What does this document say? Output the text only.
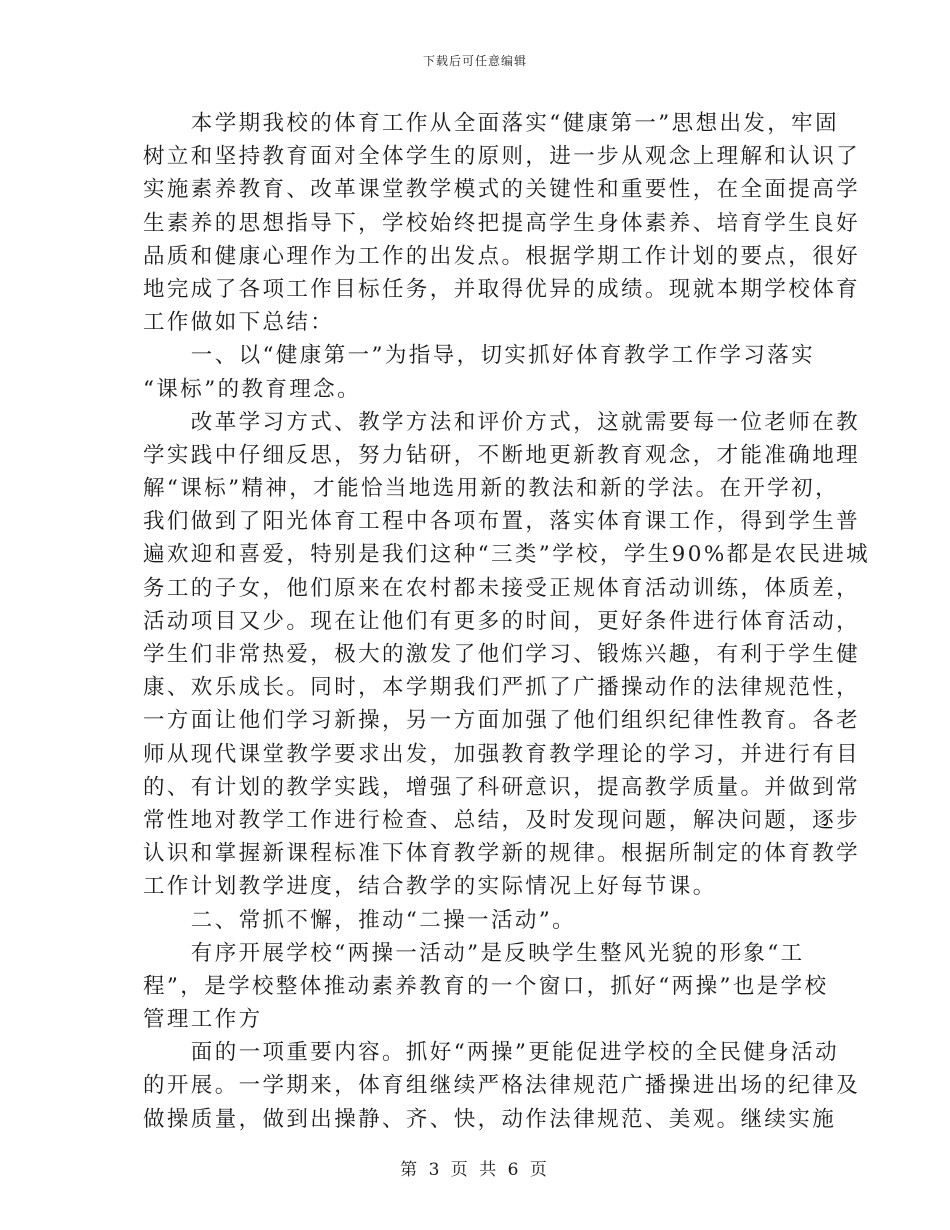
下载后可任意编辑
　　本学期我校的体育工作从全面落实“健康第一”思想出发，牢固
树立和坚持教育面对全体学生的原则，进一步从观念上理解和认识了
实施素养教育、改革课堂教学模式的关键性和重要性，在全面提高学
生素养的思想指导下，学校始终把提高学生身体素养、培育学生良好
品质和健康心理作为工作的出发点。根据学期工作计划的要点，很好
地完成了各项工作目标任务，并取得优异的成绩。现就本期学校体育
工作做如下总结：
　　一、以“健康第一”为指导，切实抓好体育教学工作学习落实
“课标”的教育理念。
　　改革学习方式、教学方法和评价方式，这就需要每一位老师在教
学实践中仔细反思，努力钻研，不断地更新教育观念，才能准确地理
解“课标”精神，才能恰当地选用新的教法和新的学法。在开学初，
我们做到了阳光体育工程中各项布置，落实体育课工作，得到学生普
遍欢迎和喜爱，特别是我们这种“三类”学校，学生90%都是农民进城
务工的子女，他们原来在农村都未接受正规体育活动训练，体质差，
活动项目又少。现在让他们有更多的时间，更好条件进行体育活动，
学生们非常热爱，极大的激发了他们学习、锻炼兴趣，有利于学生健
康、欢乐成长。同时，本学期我们严抓了广播操动作的法律规范性，
一方面让他们学习新操，另一方面加强了他们组织纪律性教育。各老
师从现代课堂教学要求出发，加强教育教学理论的学习，并进行有目
的、有计划的教学实践，增强了科研意识，提高教学质量。并做到常
常性地对教学工作进行检查、总结，及时发现问题，解决问题，逐步
认识和掌握新课程标准下体育教学新的规律。根据所制定的体育教学
工作计划教学进度，结合教学的实际情况上好每节课。
　　二、常抓不懈，推动“二操一活动”。
　　有序开展学校“两操一活动”是反映学生整风光貌的形象“工
程”，是学校整体推动素养教育的一个窗口，抓好“两操”也是学校
管理工作方
　　面的一项重要内容。抓好“两操”更能促进学校的全民健身活动
的开展。一学期来，体育组继续严格法律规范广播操进出场的纪律及
做操质量，做到出操静、齐、快，动作法律规范、美观。继续实施
第 3 页 共 6 页
